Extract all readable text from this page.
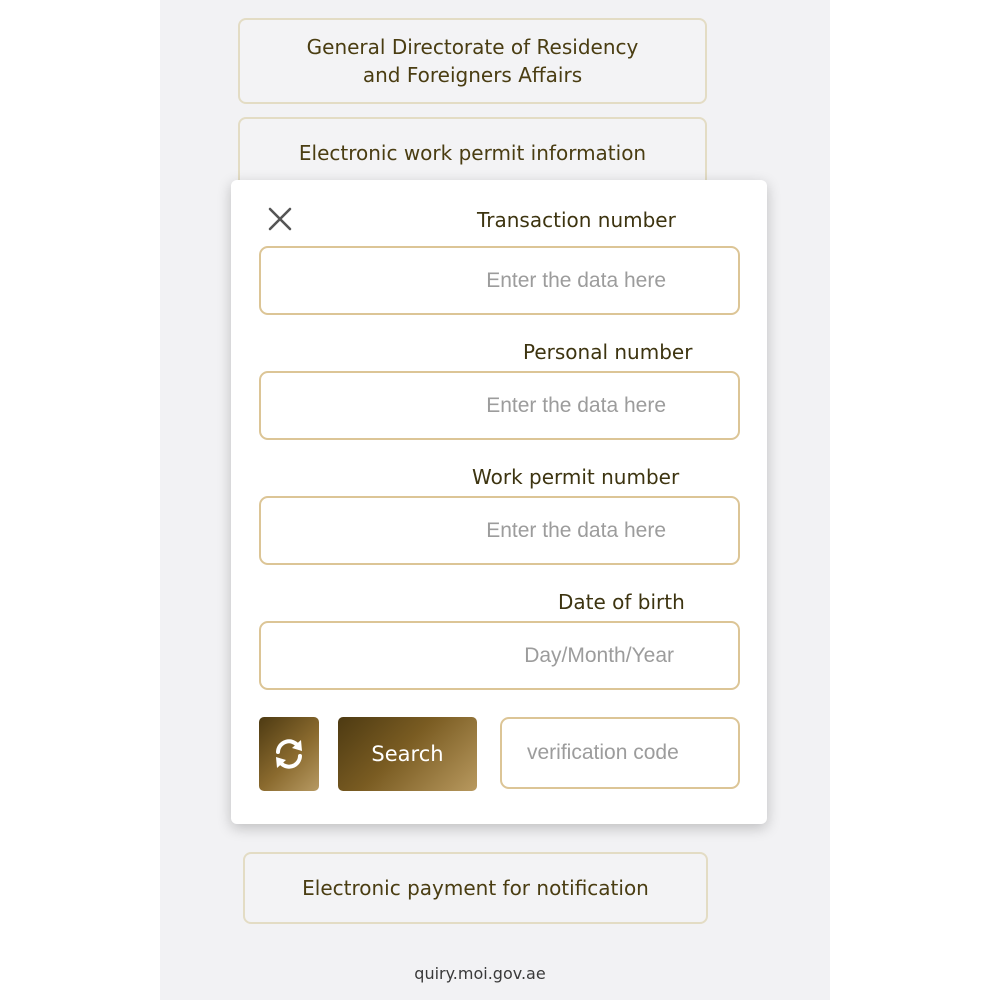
General Directorate of Residency
and Foreigners Affairs
Electronic work permit information
Transaction number
Enter the data here
Personal number
Enter the data here
Work permit number
Enter the data here
Date of birth
Day/Month/Year
Search
verification code
Electronic payment for notification
quiry.moi.gov.ae
